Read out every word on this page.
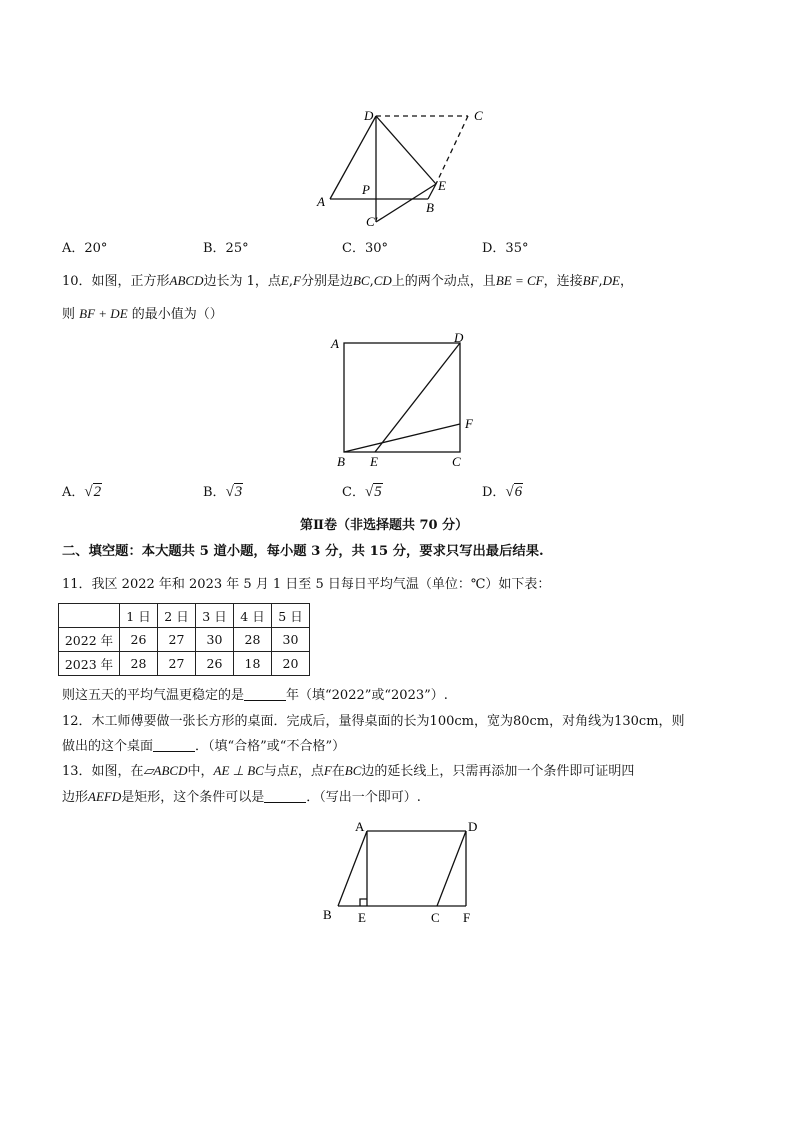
D	C
A
P	E
B
C′
A．20°	B．25°	C．30°	D．35°
10．如图，正方形ABCD边长为 1，点E,F分别是边BC,CD上的两个动点，且BE = CF，连接BF,DE，
则 BF + DE 的最小值为（）
A	D
F
B E	C
A．√2	B．√3	C．√5	D．√6
第Ⅱ卷（非选择题共 70 分）
二、填空题：本大题共 5 道小题，每小题 3 分，共 15 分，要求只写出最后结果.
11．我区 2022 年和 2023 年 5 月 1 日至 5 日每日平均气温（单位：℃）如下表：
	1 日	2 日	3 日	4 日	5 日
2022 年	26	27	30	28	30
2023 年	28	27	26	18	20
则这五天的平均气温更稳定的是	年（填“2022”或“2023”）.
12．木工师傅要做一张长方形的桌面．完成后，量得桌面的长为100cm，宽为80cm，对角线为130cm，则
做出的这个桌面	．（填“合格”或“不合格”）
13．如图，在▱ABCD中，AE ⊥ BC与点E，点F在BC边的延长线上，只需再添加一个条件即可证明四
边形AEFD是矩形，这个条件可以是	．（写出一个即可）.
A	D
B E	C F
